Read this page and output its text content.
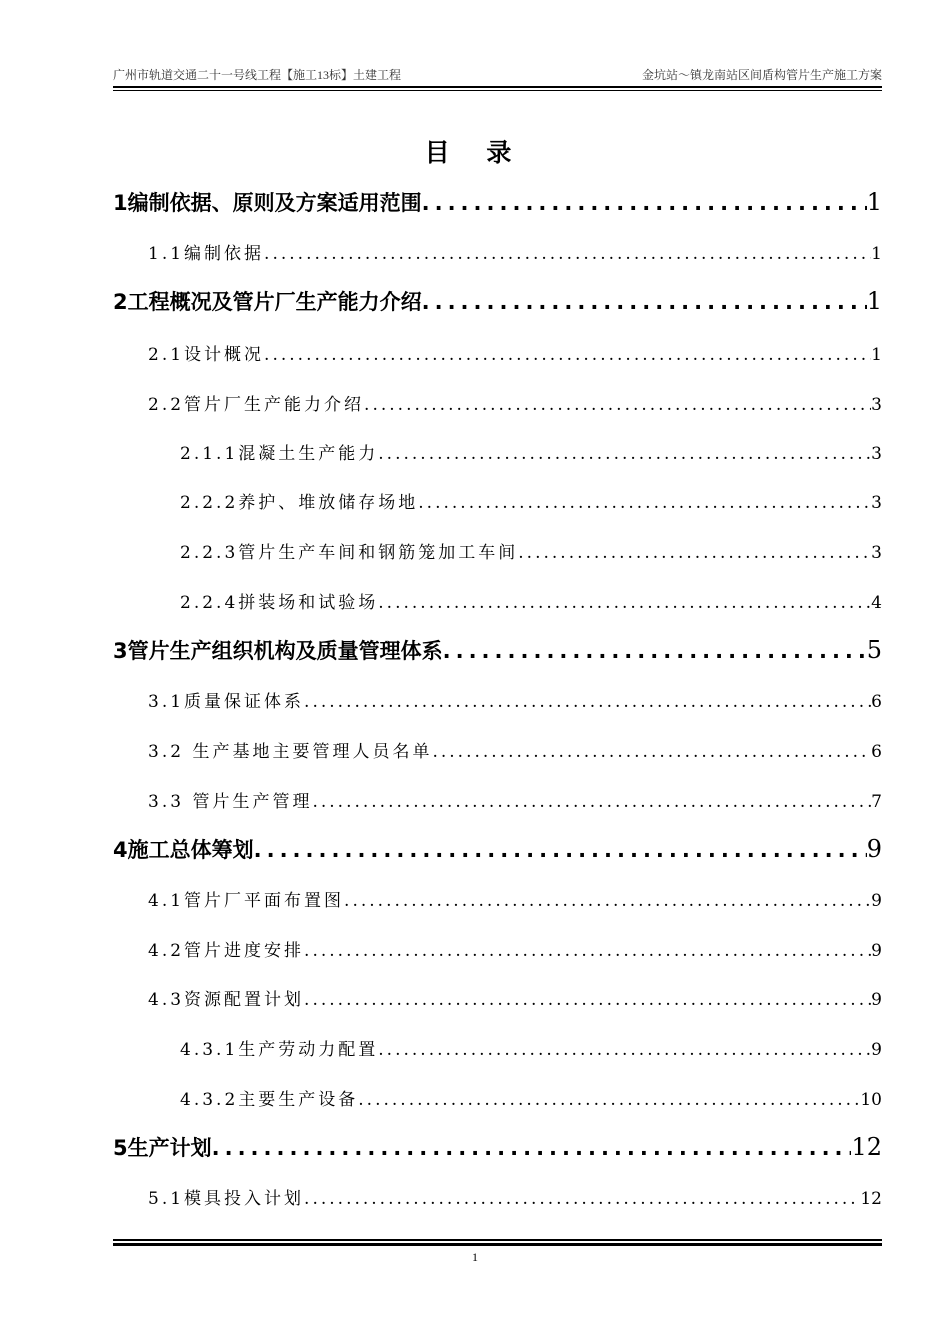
广州市轨道交通二十一号线工程【施工13标】土建工程	金坑站～镇龙南站区间盾构管片生产施工方案
目 录
1编制依据、原则及方案适用范围 .....	1
1.1编制依据 .....	1
2工程概况及管片厂生产能力介绍 .....	1
2.1设计概况 .....	1
2.2管片厂生产能力介绍 .....	3
2.1.1混凝土生产能力 .....	3
2.2.2养护、堆放储存场地 .....	3
2.2.3管片生产车间和钢筋笼加工车间 .....	3
2.2.4拼装场和试验场 .....	4
3管片生产组织机构及质量管理体系 .....	5
3.1质量保证体系 .....	6
3.2 生产基地主要管理人员名单 .....	6
3.3 管片生产管理 .....	7
4施工总体筹划 .....	9
4.1管片厂平面布置图 .....	9
4.2管片进度安排 .....	9
4.3资源配置计划 .....	9
4.3.1生产劳动力配置 .....	9
4.3.2主要生产设备 .....	10
5生产计划 .....	12
5.1模具投入计划 .....	12
1
